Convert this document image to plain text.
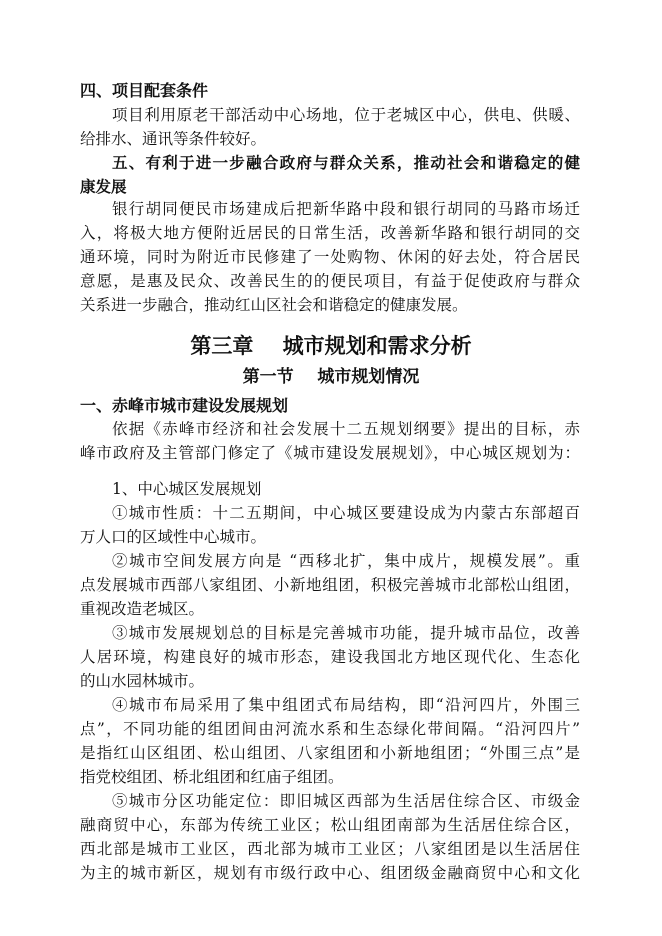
四、项目配套条件
项目利用原老干部活动中心场地，位于老城区中心，供电、供暖、
给排水、通讯等条件较好。
五、有利于进一步融合政府与群众关系，推动社会和谐稳定的健
康发展
银行胡同便民市场建成后把新华路中段和银行胡同的马路市场迁
入，将极大地方便附近居民的日常生活，改善新华路和银行胡同的交
通环境，同时为附近市民修建了一处购物、休闲的好去处，符合居民
意愿，是惠及民众、改善民生的的便民项目，有益于促使政府与群众
关系进一步融合，推动红山区社会和谐稳定的健康发展。
第三章    城市规划和需求分析
第一节    城市规划情况
一、赤峰市城市建设发展规划
依据《赤峰市经济和社会发展十二五规划纲要》提出的目标，赤
峰市政府及主管部门修定了《城市建设发展规划》，中心城区规划为：
1、中心城区发展规划
①城市性质：十二五期间，中心城区要建设成为内蒙古东部超百
万人口的区域性中心城市。
②城市空间发展方向是 “西移北扩，集中成片，规模发展”。重
点发展城市西部八家组团、小新地组团，积极完善城市北部松山组团，
重视改造老城区。
③城市发展规划总的目标是完善城市功能，提升城市品位，改善
人居环境，构建良好的城市形态，建设我国北方地区现代化、生态化
的山水园林城市。
④城市布局采用了集中组团式布局结构，即“沿河四片，外围三
点”，不同功能的组团间由河流水系和生态绿化带间隔。“沿河四片”
是指红山区组团、松山组团、八家组团和小新地组团；“外围三点”是
指党校组团、桥北组团和红庙子组团。
⑤城市分区功能定位：即旧城区西部为生活居住综合区、市级金
融商贸中心，东部为传统工业区；松山组团南部为生活居住综合区，
西北部是城市工业区，西北部为城市工业区；八家组团是以生活居住
为主的城市新区，规划有市级行政中心、组团级金融商贸中心和文化
